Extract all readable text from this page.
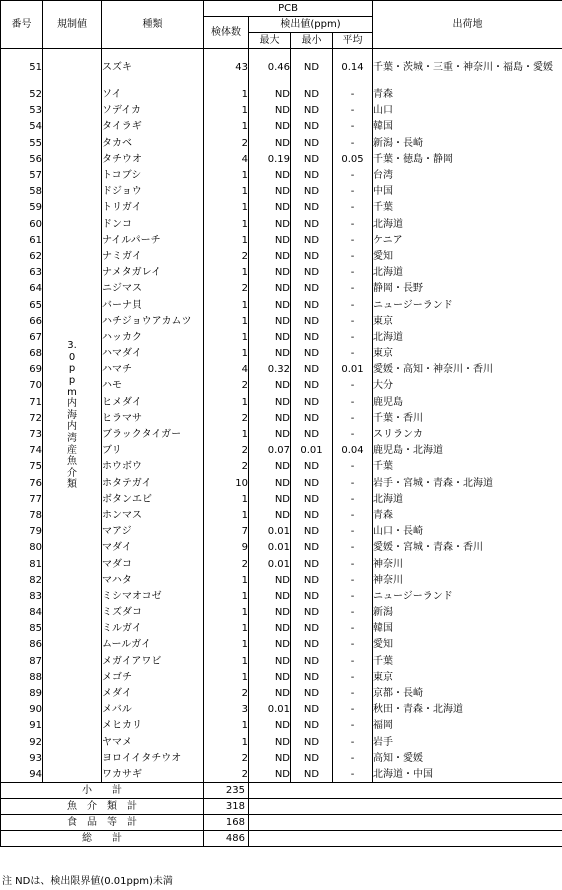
番号	規制値	種類	PCB				出荷地
			検体数	検出値(ppm)			
				最大	最小	平均	
51	3.0ppm内海内湾産魚介類	スズキ	43	0.46	ND	0.14	千葉・茨城・三重・神奈川・福島・愛媛
52		ソイ	1	ND	ND	-	青森
53		ソデイカ	1	ND	ND	-	山口
54		タイラギ	1	ND	ND	-	韓国
55		タカベ	2	ND	ND	-	新潟・長崎
56		タチウオ	4	0.19	ND	0.05	千葉・徳島・静岡
57		トコブシ	1	ND	ND	-	台湾
58		ドジョウ	1	ND	ND	-	中国
59		トリガイ	1	ND	ND	-	千葉
60		ドンコ	1	ND	ND	-	北海道
61		ナイルパーチ	1	ND	ND	-	ケニア
62		ナミガイ	2	ND	ND	-	愛知
63		ナメタガレイ	1	ND	ND	-	北海道
64		ニジマス	2	ND	ND	-	静岡・長野
65		バーナ貝	1	ND	ND	-	ニュージーランド
66		ハチジョウアカムツ	1	ND	ND	-	東京
67		ハッカク	1	ND	ND	-	北海道
68		ハマダイ	1	ND	ND	-	東京
69		ハマチ	4	0.32	ND	0.01	愛媛・高知・神奈川・香川
70		ハモ	2	ND	ND	-	大分
71		ヒメダイ	1	ND	ND	-	鹿児島
72		ヒラマサ	2	ND	ND	-	千葉・香川
73		ブラックタイガー	1	ND	ND	-	スリランカ
74		ブリ	2	0.07	0.01	0.04	鹿児島・北海道
75		ホウボウ	2	ND	ND	-	千葉
76		ホタテガイ	10	ND	ND	-	岩手・宮城・青森・北海道
77		ボタンエビ	1	ND	ND	-	北海道
78		ホンマス	1	ND	ND	-	青森
79		マアジ	7	0.01	ND	-	山口・長崎
80		マダイ	9	0.01	ND	-	愛媛・宮城・青森・香川
81		マダコ	2	0.01	ND	-	神奈川
82		マハタ	1	ND	ND	-	神奈川
83		ミシマオコゼ	1	ND	ND	-	ニュージーランド
84		ミズダコ	1	ND	ND	-	新潟
85		ミルガイ	1	ND	ND	-	韓国
86		ムールガイ	1	ND	ND	-	愛知
87		メガイアワビ	1	ND	ND	-	千葉
88		メゴチ	1	ND	ND	-	東京
89		メダイ	2	ND	ND	-	京都・長崎
90		メバル	3	0.01	ND	-	秋田・青森・北海道
91		メヒカリ	1	ND	ND	-	福岡
92		ヤマメ	1	ND	ND	-	岩手
93		ヨロイイタチウオ	2	ND	ND	-	高知・愛媛
94		ワカサギ	2	ND	ND	-	北海道・中国
小　　計			235				
魚　介　類　計			318				
食　品　等　計			168				
総　　計			486				
注 NDは、検出限界値(0.01ppm)未満
